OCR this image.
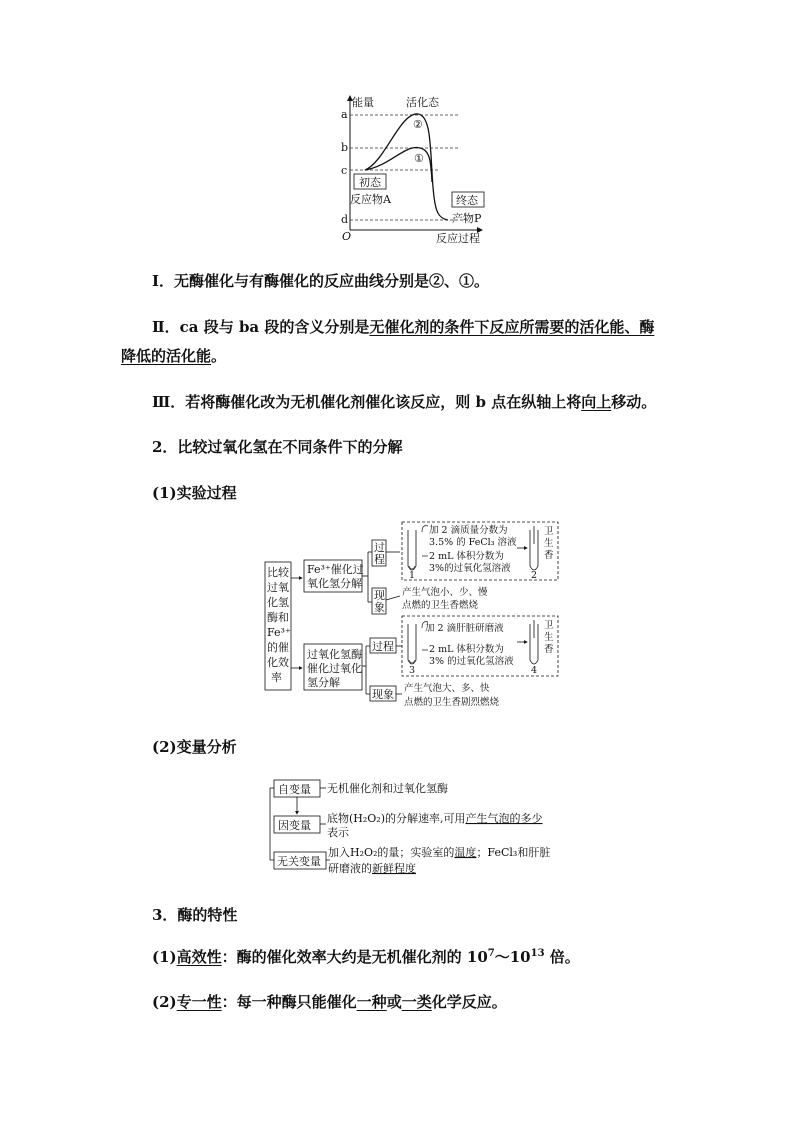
能量	活化态
a
b
c
d
②
①
初态
反应物A	终态
产物P
O	反应过程
Ⅰ．无酶催化与有酶催化的反应曲线分别是②、①。
Ⅱ．ca 段与 ba 段的含义分别是无催化剂的条件下反应所需要的活化能、酶
降低的活化能。
Ⅲ．若将酶催化改为无机催化剂催化该反应，则 b 点在纵轴上将向上移动。
2．比较过氧化氢在不同条件下的分解
(1)实验过程
比较
过氧
化氢
酶和
Fe³⁺
的催
化效
率
Fe³⁺催化过
氧化氢分解
过
程
现
象
加 2 滴质量分数为
3.5% 的 FeCl₃ 溶液
2 mL 体积分数为
3%的过氧化氢溶液
1	2
卫
生
香
产生气泡小、少、慢
点燃的卫生香燃烧
过氧化氢酶
催化过氧化
氢分解
过程
现象
加 2 滴肝脏研磨液
2 mL 体积分数为
3% 的过氧化氢溶液
3	4
卫
生
香
产生气泡大、多、快
点燃的卫生香剧烈燃烧
(2)变量分析
自变量 无机催化剂和过氧化氢酶
因变量
底物(H₂O₂)的分解速率,可用产生气泡的多少
表示
无关变量
加入H₂O₂的量；实验室的温度；FeCl₃和肝脏
研磨液的新鲜程度
3．酶的特性
(1)高效性：酶的催化效率大约是无机催化剂的 $10^7\sim 10^{13}$ 倍。
(2)专一性：每一种酶只能催化一种或一类化学反应。
